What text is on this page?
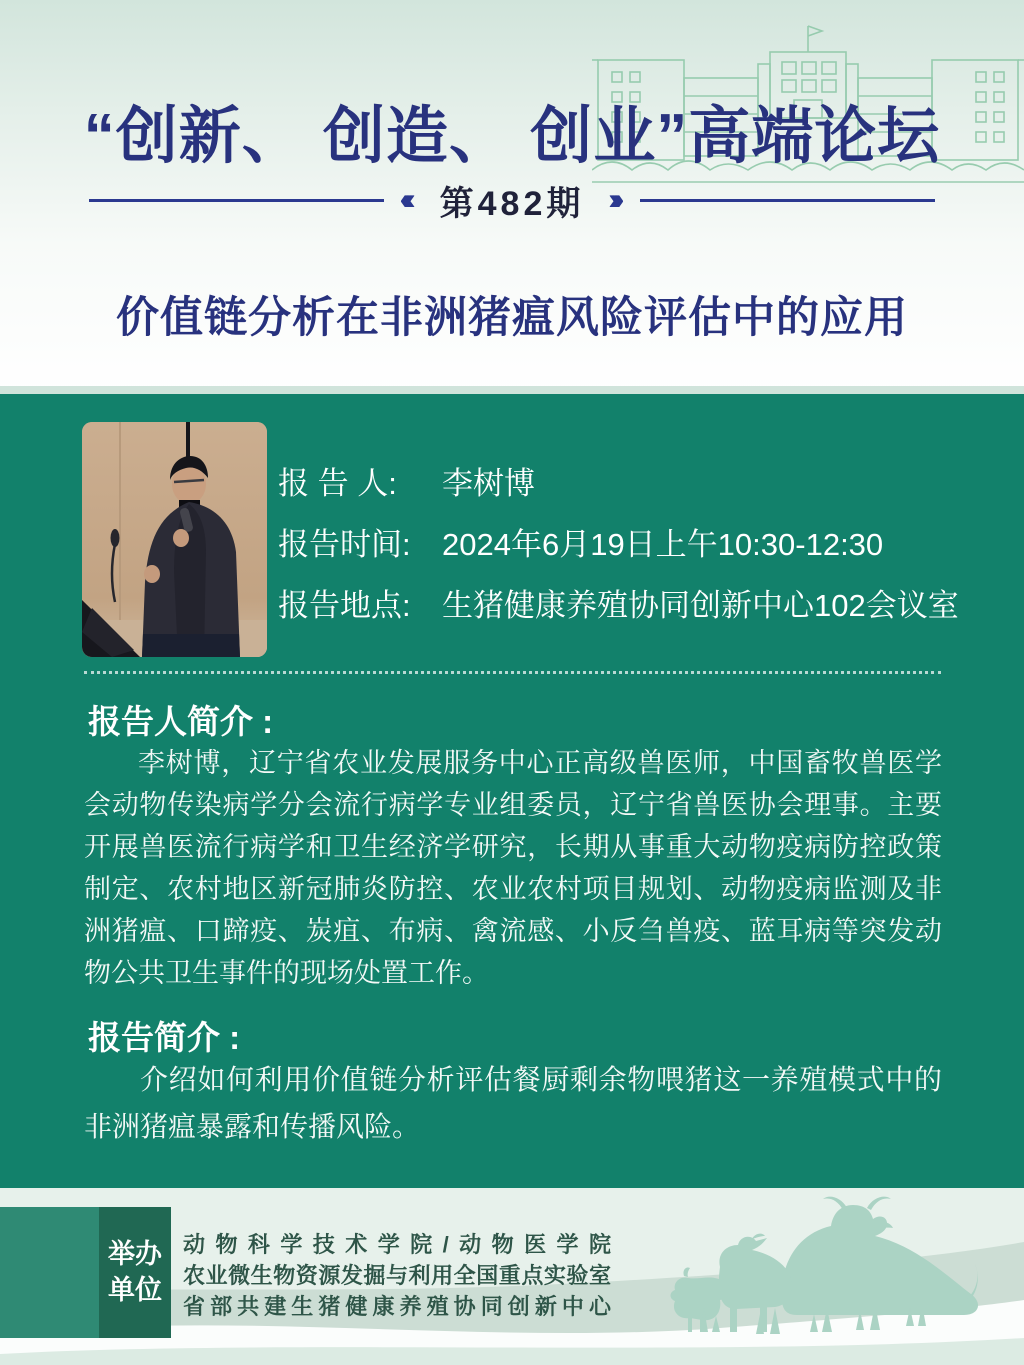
“创新、 创造、 创业”高端论坛
‹‹‹ 第482期 ›››
价值链分析在非洲猪瘟风险评估中的应用
报 告 人:	李树博
报告时间:	2024年6月19日上午10:30-12:30
报告地点:	生猪健康养殖协同创新中心102会议室
报告人简介 :
李树博，辽宁省农业发展服务中心正高级兽医师，中国畜牧兽医学会动物传染病学分会流行病学专业组委员，辽宁省兽医协会理事。主要开展兽医流行病学和卫生经济学研究，长期从事重大动物疫病防控政策制定、农村地区新冠肺炎防控、农业农村项目规划、动物疫病监测及非洲猪瘟、口蹄疫、炭疽、布病、禽流感、小反刍兽疫、蓝耳病等突发动物公共卫生事件的现场处置工作。
报告简介 :
介绍如何利用价值链分析评估餐厨剩余物喂猪这一养殖模式中的非洲猪瘟暴露和传播风险。
举办
单位
动物科学技术学院/动物医学院
农业微生物资源发掘与利用全国重点实验室
省部共建生猪健康养殖协同创新中心
